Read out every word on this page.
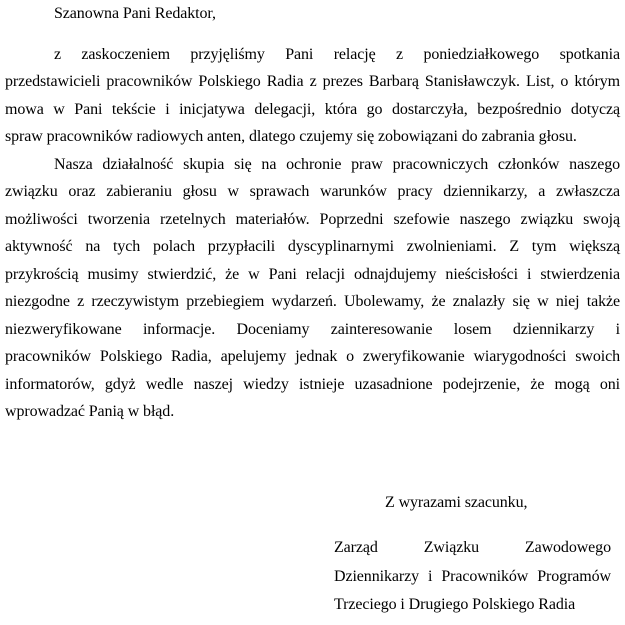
Szanowna Pani Redaktor,
z zaskoczeniem przyjęliśmy Pani relację z poniedziałkowego spotkania
przedstawicieli pracowników Polskiego Radia z prezes Barbarą Stanisławczyk. List, o którym
mowa w Pani tekście i inicjatywa delegacji, która go dostarczyła, bezpośrednio dotyczą
spraw pracowników radiowych anten, dlatego czujemy się zobowiązani do zabrania głosu.
Nasza działalność skupia się na ochronie praw pracowniczych członków naszego
związku oraz zabieraniu głosu w sprawach warunków pracy dziennikarzy, a zwłaszcza
możliwości tworzenia rzetelnych materiałów. Poprzedni szefowie naszego związku swoją
aktywność na tych polach przypłacili dyscyplinarnymi zwolnieniami. Z tym większą
przykrością musimy stwierdzić, że w Pani relacji odnajdujemy nieścisłości i stwierdzenia
niezgodne z rzeczywistym przebiegiem wydarzeń. Ubolewamy, że znalazły się w niej także
niezweryfikowane informacje. Doceniamy zainteresowanie losem dziennikarzy i
pracowników Polskiego Radia, apelujemy jednak o zweryfikowanie wiarygodności swoich
informatorów, gdyż wedle naszej wiedzy istnieje uzasadnione podejrzenie, że mogą oni
wprowadzać Panią w błąd.
Z wyrazami szacunku,
Zarząd Związku Zawodowego
Dziennikarzy i Pracowników Programów
Trzeciego i Drugiego Polskiego Radia
